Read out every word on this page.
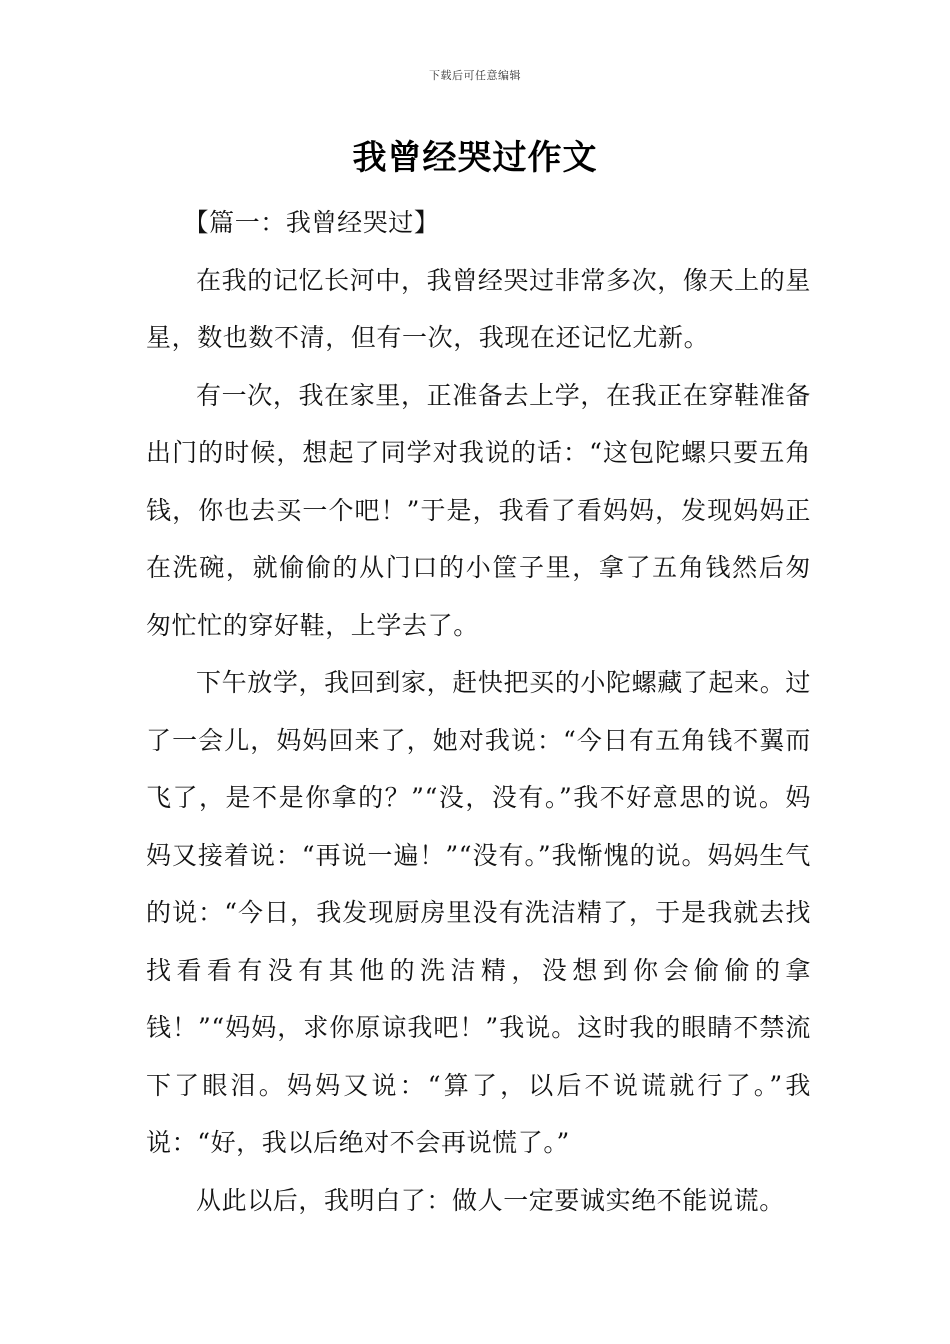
下载后可任意编辑
我曾经哭过作文

【篇一：我曾经哭过】

在我的记忆长河中，我曾经哭过非常多次，像天上的星星，数也数不清，但有一次，我现在还记忆尤新。

有一次，我在家里，正准备去上学，在我正在穿鞋准备出门的时候，想起了同学对我说的话：“这包陀螺只要五角钱，你也去买一个吧！”于是，我看了看妈妈，发现妈妈正在洗碗，就偷偷的从门口的小筐子里，拿了五角钱然后匆匆忙忙的穿好鞋，上学去了。

下午放学，我回到家，赶快把买的小陀螺藏了起来。过了一会儿，妈妈回来了，她对我说：“今日有五角钱不翼而飞了，是不是你拿的？”“没，没有。”我不好意思的说。妈妈又接着说：“再说一遍！”“没有。”我惭愧的说。妈妈生气的说：“今日，我发现厨房里没有洗洁精了，于是我就去找找看看有没有其他的洗洁精，没想到你会偷偷的拿钱！”“妈妈，求你原谅我吧！”我说。这时我的眼睛不禁流下了眼泪。妈妈又说：“算了，以后不说谎就行了。”我说：“好，我以后绝对不会再说慌了。”

从此以后，我明白了：做人一定要诚实绝不能说谎。
